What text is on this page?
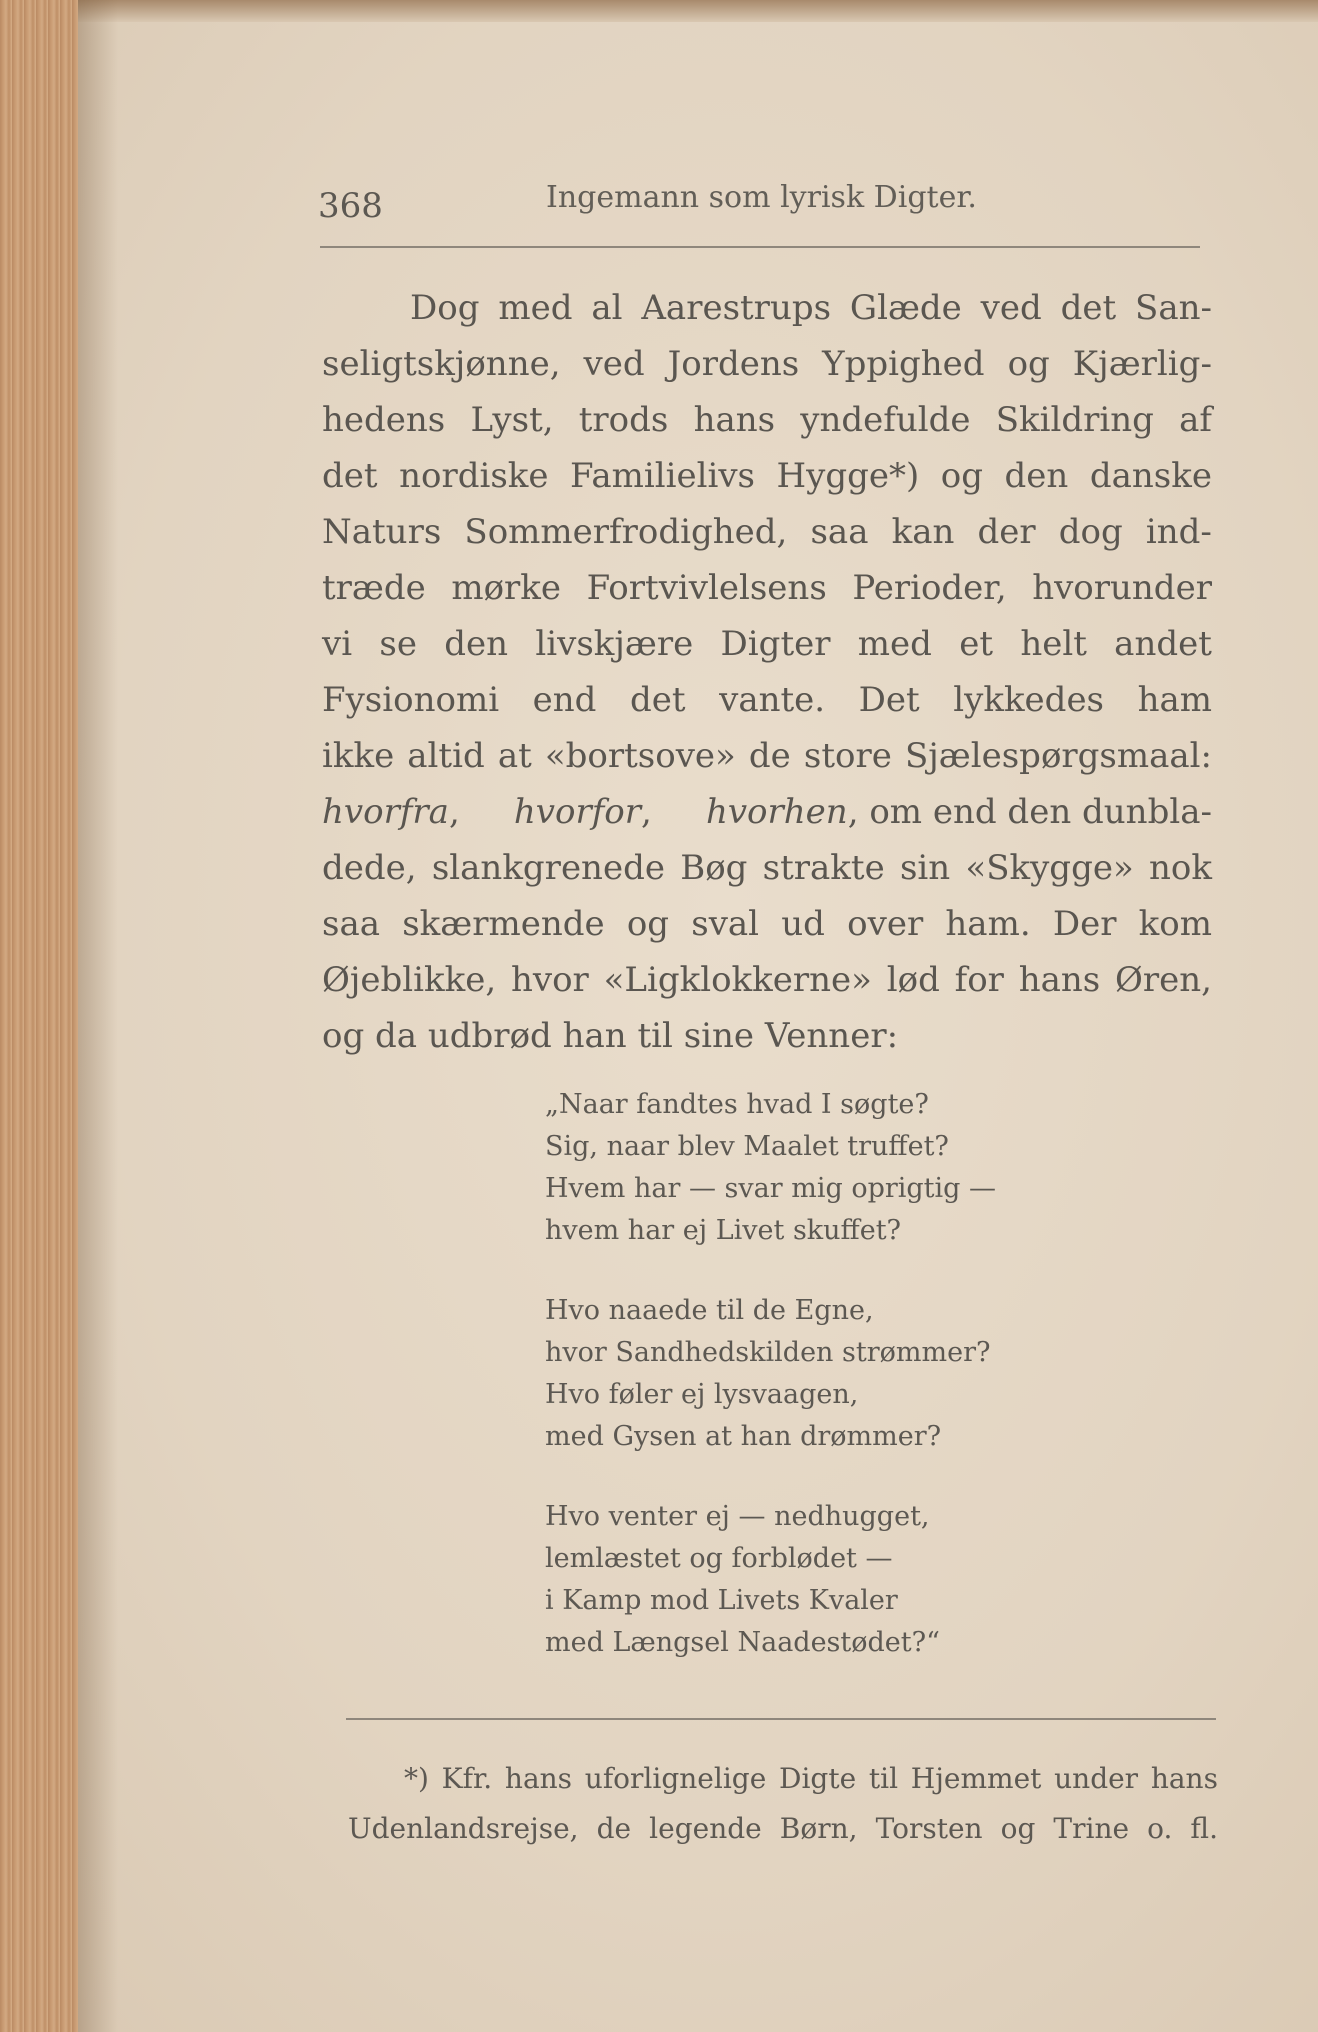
368	Ingemann som lyrisk Digter.
Dog med al Aarestrups Glæde ved det San-
seligtskjønne, ved Jordens Yppighed og Kjærlig-
hedens Lyst, trods hans yndefulde Skildring af
det nordiske Familielivs Hygge*) og den danske
Naturs Sommerfrodighed, saa kan der dog ind-
træde mørke Fortvivlelsens Perioder, hvorunder
vi se den livskjære Digter med et helt andet
Fysionomi end det vante. Det lykkedes ham
ikke altid at «bortsove» de store Sjælespørgsmaal:
hvorfra, hvorfor, hvorhen, om end den dunbla-
dede, slankgrenede Bøg strakte sin «Skygge» nok
saa skærmende og sval ud over ham. Der kom
Øjeblikke, hvor «Ligklokkerne» lød for hans Øren,
og da udbrød han til sine Venner:
„Naar fandtes hvad I søgte?
Sig, naar blev Maalet truffet?
Hvem har — svar mig oprigtig —
hvem har ej Livet skuffet?
Hvo naaede til de Egne,
hvor Sandhedskilden strømmer?
Hvo føler ej lysvaagen,
med Gysen at han drømmer?
Hvo venter ej — nedhugget,
lemlæstet og forblødet —
i Kamp mod Livets Kvaler
med Længsel Naadestødet?“
*) Kfr. hans uforlignelige Digte til Hjemmet under hans
Udenlandsrejse, de legende Børn, Torsten og Trine o. fl.
